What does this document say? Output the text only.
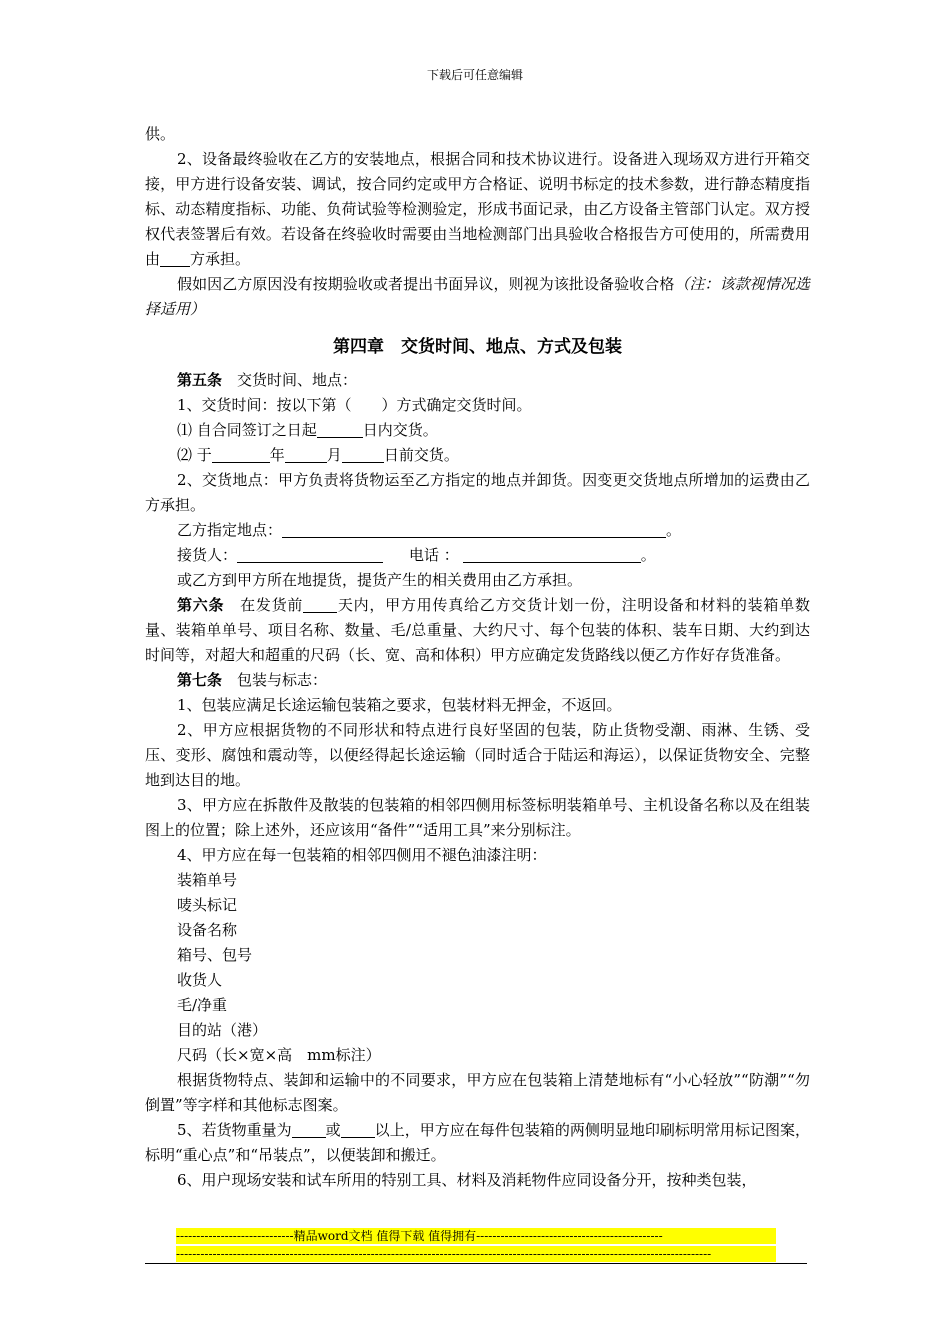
下载后可任意编辑

供。

2、设备最终验收在乙方的安装地点，根据合同和技术协议进行。设备进入现场双方进行开箱交接，甲方进行设备安装、调试，按合同约定或甲方合格证、说明书标定的技术参数，进行静态精度指标、动态精度指标、功能、负荷试验等检测验定，形成书面记录，由乙方设备主管部门认定。双方授权代表签署后有效。若设备在终验收时需要由当地检测部门出具验收合格报告方可使用的，所需费用由 方承担。

假如因乙方原因没有按期验收或者提出书面异议，则视为该批设备验收合格（注：该款视情况选择适用）

第四章　交货时间、地点、方式及包装

第五条　 交货时间、地点：

1、交货时间：按以下第（　　）方式确定交货时间。

⑴ 自合同签订之日起	日内交货。

⑵ 于	年	月	日前交货。

2、交货地点：甲方负责将货物运至乙方指定的地点并卸货。因变更交货地点所增加的运费由乙方承担。

乙方指定地点：	。

接货人：	电话 ：	。

或乙方到甲方所在地提货，提货产生的相关费用由乙方承担。

第六条　 在发货前 天内，甲方用传真给乙方交货计划一份，注明设备和材料的装箱单数量、装箱单单号、项目名称、数量、毛/总重量、大约尺寸、每个包装的体积、装车日期、大约到达时间等，对超大和超重的尺码（长、宽、高和体积）甲方应确定发货路线以便乙方作好存货准备。

第七条　 包装与标志：

1、包装应满足长途运输包装箱之要求，包装材料无押金，不返回。

2、甲方应根据货物的不同形状和特点进行良好坚固的包装，防止货物受潮、雨淋、生锈、受压、变形、腐蚀和震动等，以便经得起长途运输（同时适合于陆运和海运），以保证货物安全、完整地到达目的地。

3、甲方应在拆散件及散装的包装箱的相邻四侧用标签标明装箱单号、主机设备名称以及在组装图上的位置；除上述外，还应该用“备件”“适用工具”来分别标注。

4、甲方应在每一包装箱的相邻四侧用不褪色油漆注明：

装箱单号

唛头标记

设备名称

箱号、包号

收货人

毛/净重

目的站（港）

尺码（长×宽×高　mm标注）

根据货物特点、装卸和运输中的不同要求，甲方应在包装箱上清楚地标有“小心轻放”“防潮”“勿倒置”等字样和其他标志图案。

5、若货物重量为 或 以上，甲方应在每件包装箱的两侧明显地印刷标明常用标记图案，标明“重心点”和“吊装点”，以便装卸和搬迁。

6、用户现场安装和试车所用的特别工具、材料及消耗物件应同设备分开，按种类包装，

-----------------------------精品word文档 值得下载 值得拥有----------------------------------------------
------------------------------------------------------------------------------------------------------------------------------------
